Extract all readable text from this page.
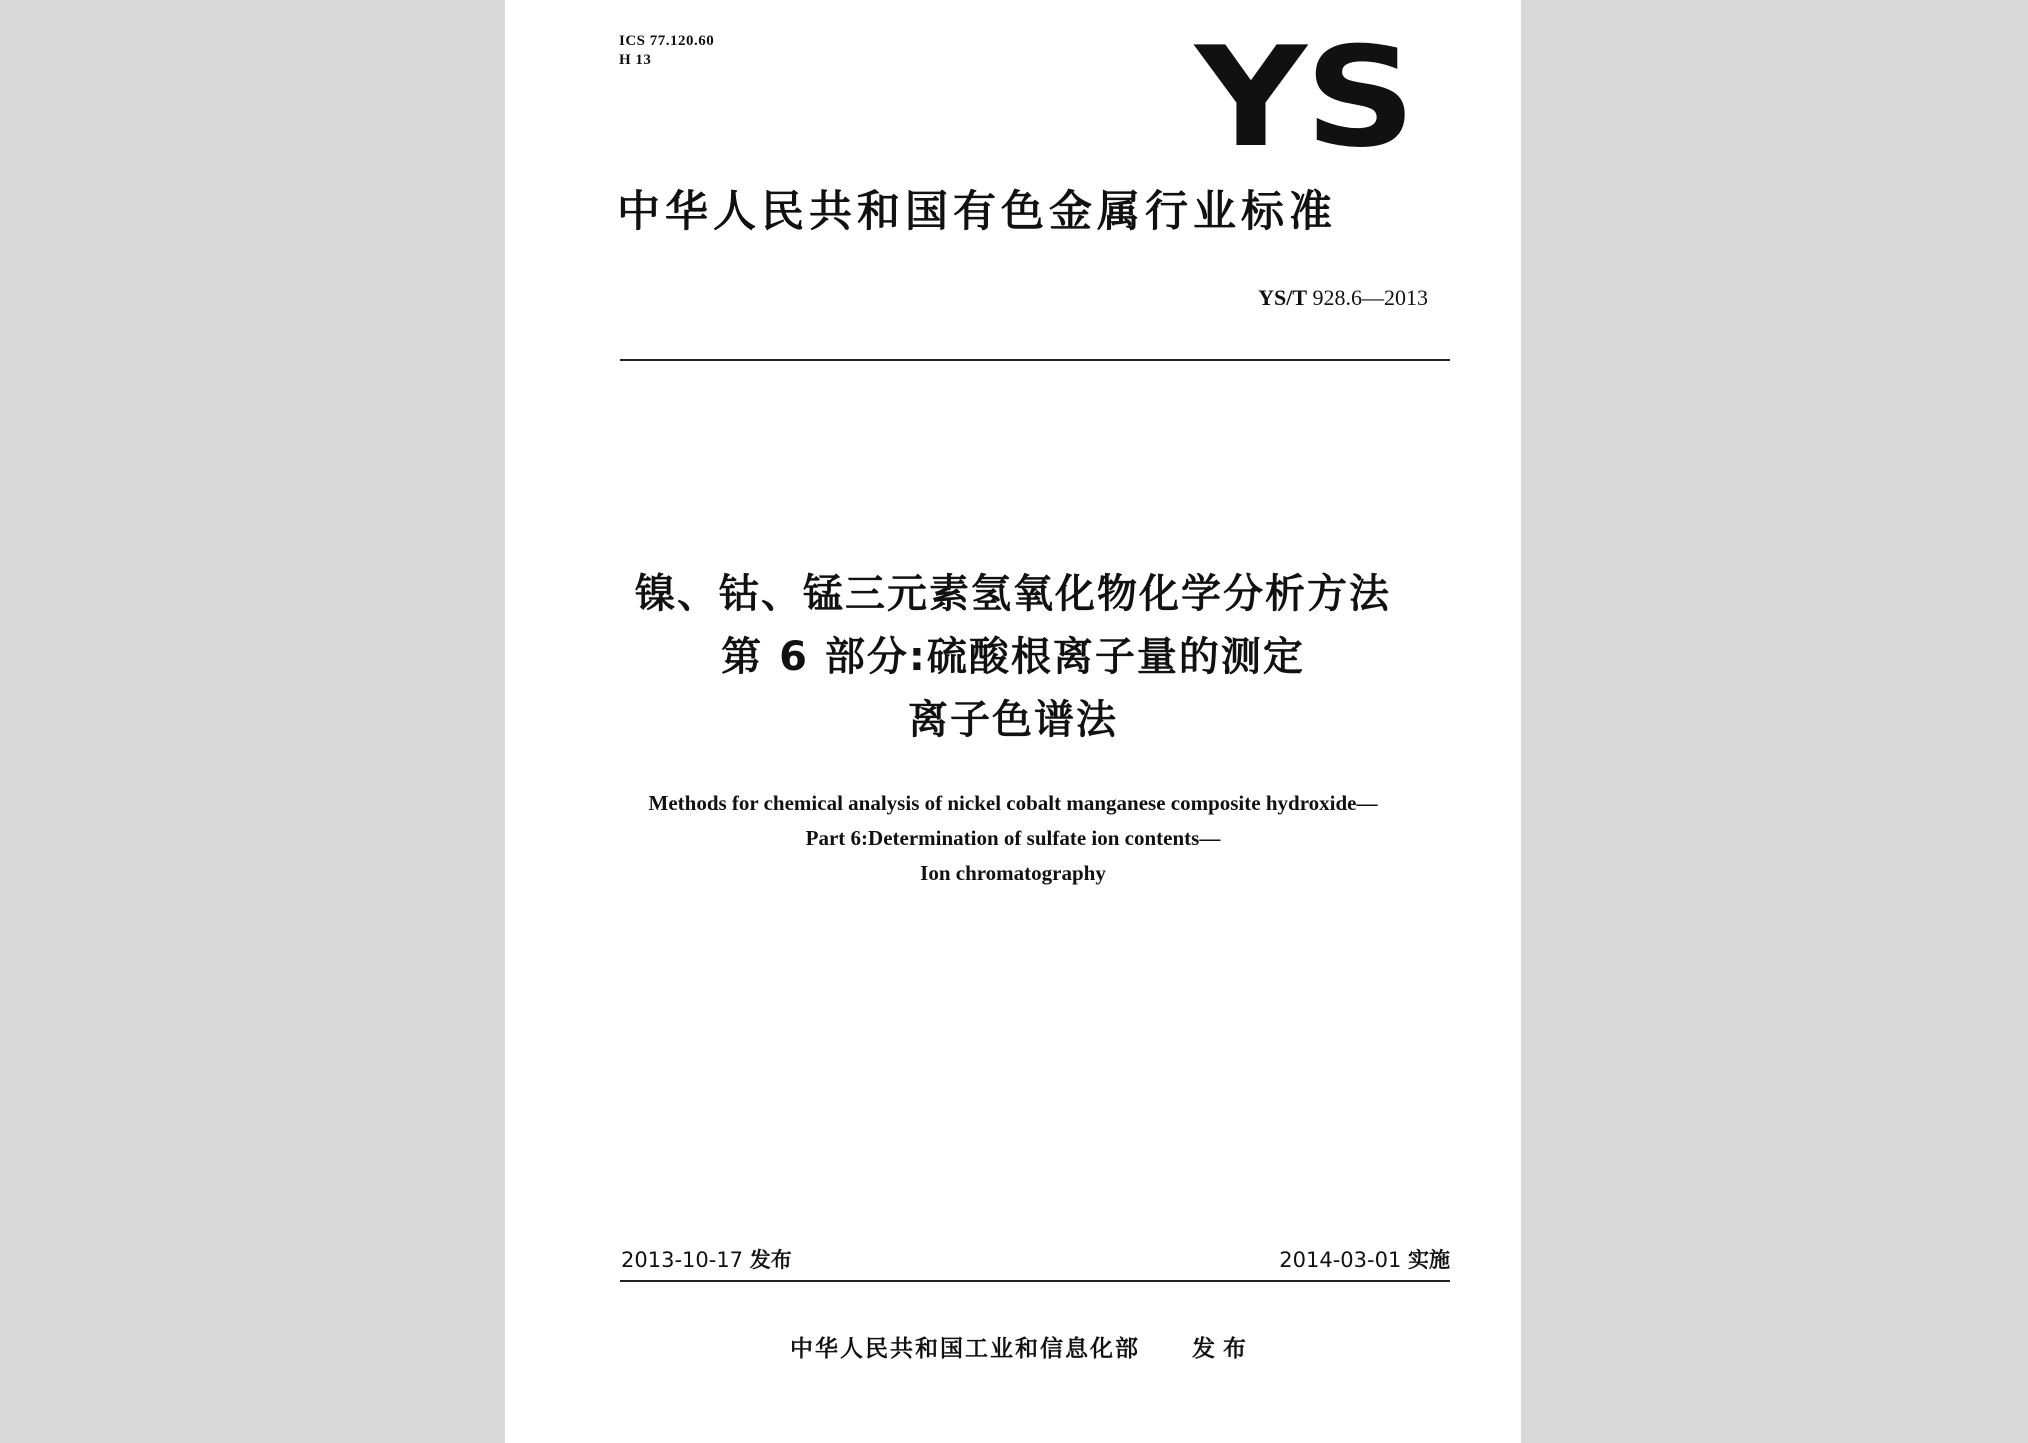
ICS 77.120.60
H 13	YS
中华人民共和国有色金属行业标准
YS/T 928.6—2013
镍、钴、锰三元素氢氧化物化学分析方法
第 6 部分:硫酸根离子量的测定
离子色谱法
Methods for chemical analysis of nickel cobalt manganese composite hydroxide—
Part 6:Determination of sulfate ion contents—
Ion chromatography
2013-10-17 发布	2014-03-01 实施
中华人民共和国工业和信息化部 发布
